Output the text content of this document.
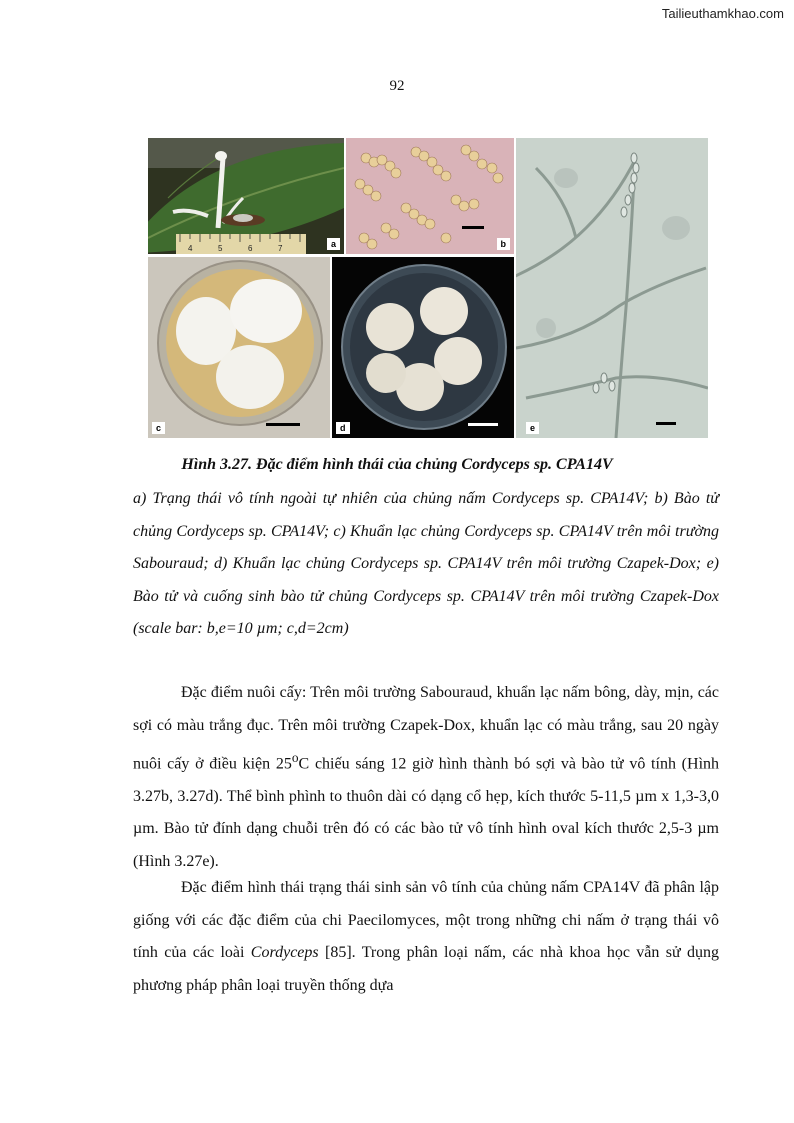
Tailieuthamkhao.com
92
4	5	6	7	a	b
e
c	d
Hình 3.27. Đặc điểm hình thái của chủng Cordyceps sp. CPA14V

a) Trạng thái vô tính ngoài tự nhiên của chủng nấm Cordyceps sp. CPA14V; b) Bào tử chủng Cordyceps sp. CPA14V; c) Khuẩn lạc chủng Cordyceps sp. CPA14V trên môi trường Sabouraud; d) Khuẩn lạc chủng Cordyceps sp. CPA14V trên môi trường Czapek-Dox; e) Bào tử và cuống sinh bào tử chủng Cordyceps sp. CPA14V trên môi trường Czapek-Dox (scale bar: b,e=10 µm; c,d=2cm)

Đặc điểm nuôi cấy: Trên môi trường Sabouraud, khuẩn lạc nấm bông, dày, mịn, các sợi có màu trắng đục. Trên môi trường Czapek-Dox, khuẩn lạc có màu trắng, sau 20 ngày nuôi cấy ở điều kiện 25$^o$C chiếu sáng 12 giờ hình thành bó sợi và bào tử vô tính (Hình 3.27b, 3.27d). Thể bình phình to thuôn dài có dạng cổ hẹp, kích thước 5-11,5 µm x 1,3-3,0 µm. Bào tử đính dạng chuỗi trên đó có các bào tử vô tính hình oval kích thước 2,5-3 µm (Hình 3.27e).

Đặc điểm hình thái trạng thái sinh sản vô tính của chủng nấm CPA14V đã phân lập giống với các đặc điểm của chi Paecilomyces, một trong những chi nấm ở trạng thái vô tính của các loài Cordyceps [85]. Trong phân loại nấm, các nhà khoa học vẫn sử dụng phương pháp phân loại truyền thống dựa
